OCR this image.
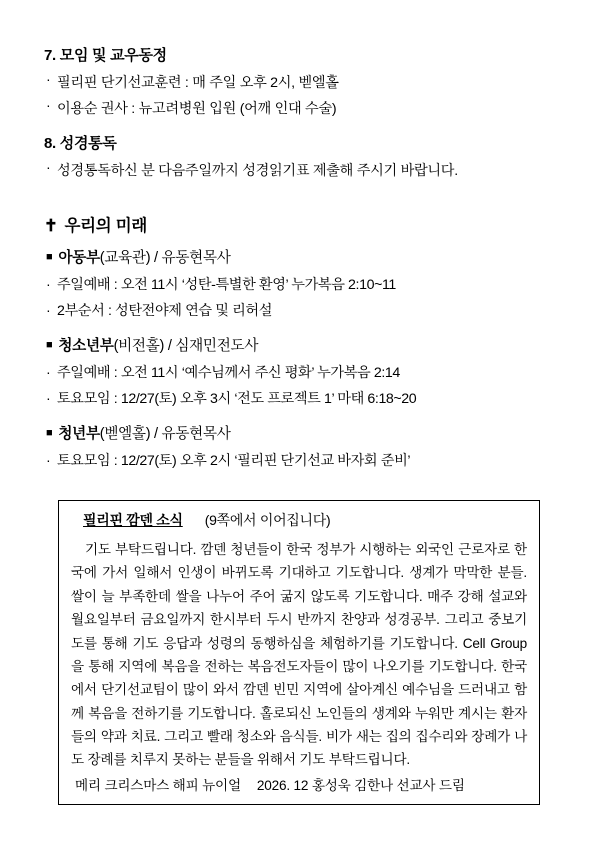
7. 모임 및 교우동정
· 필리핀 단기선교훈련 : 매 주일 오후 2시, 벧엘홀
· 이용순 권사 : 뉴고려병원 입원 (어깨 인대 수술)
8. 성경통독
· 성경통독하신 분 다음주일까지 성경읽기표 제출해 주시기 바랍니다.
✝ 우리의 미래
■ 아동부(교육관) / 유동현목사
· 주일예배 : 오전 11시 ‘성탄-특별한 환영’ 누가복음 2:10~11
· 2부순서 : 성탄전야제 연습 및 리허설
■ 청소년부(비전홀) / 심재민전도사
· 주일예배 : 오전 11시 ‘예수님께서 주신 평화’ 누가복음 2:14
· 토요모임 : 12/27(토) 오후 3시 ‘전도 프로젝트 1’ 마태 6:18~20
■ 청년부(벧엘홀) / 유동현목사
· 토요모임 : 12/27(토) 오후 2시 ‘필리핀 단기선교 바자회 준비’
필리핀 깜덴 소식 (9쪽에서 이어집니다)
기도 부탁드립니다. 깜덴 청년들이 한국 정부가 시행하는 외국인 근로자로 한국에 가서 일해서 인생이 바뀌도록 기대하고 기도합니다. 생계가 막막한 분들. 쌀이 늘 부족한데 쌀을 나누어 주어 굶지 않도록 기도합니다. 매주 강해 설교와 월요일부터 금요일까지 한시부터 두시 반까지 찬양과 성경공부. 그리고 중보기도를 통해 기도 응답과 성령의 동행하심을 체험하기를 기도합니다. Cell Group을 통해 지역에 복음을 전하는 복음전도자들이 많이 나오기를 기도합니다. 한국에서 단기선교팀이 많이 와서 깜덴 빈민 지역에 살아계신 예수님을 드러내고 함께 복음을 전하기를 기도합니다. 홀로되신 노인들의 생계와 누워만 계시는 환자들의 약과 치료. 그리고 빨래 청소와 음식들. 비가 새는 집의 집수리와 장례가 나도 장례를 치루지 못하는 분들을 위해서 기도 부탁드립니다.
메리 크리스마스 해피 뉴이얼 2026. 12 홍성욱 김한나 선교사 드림
